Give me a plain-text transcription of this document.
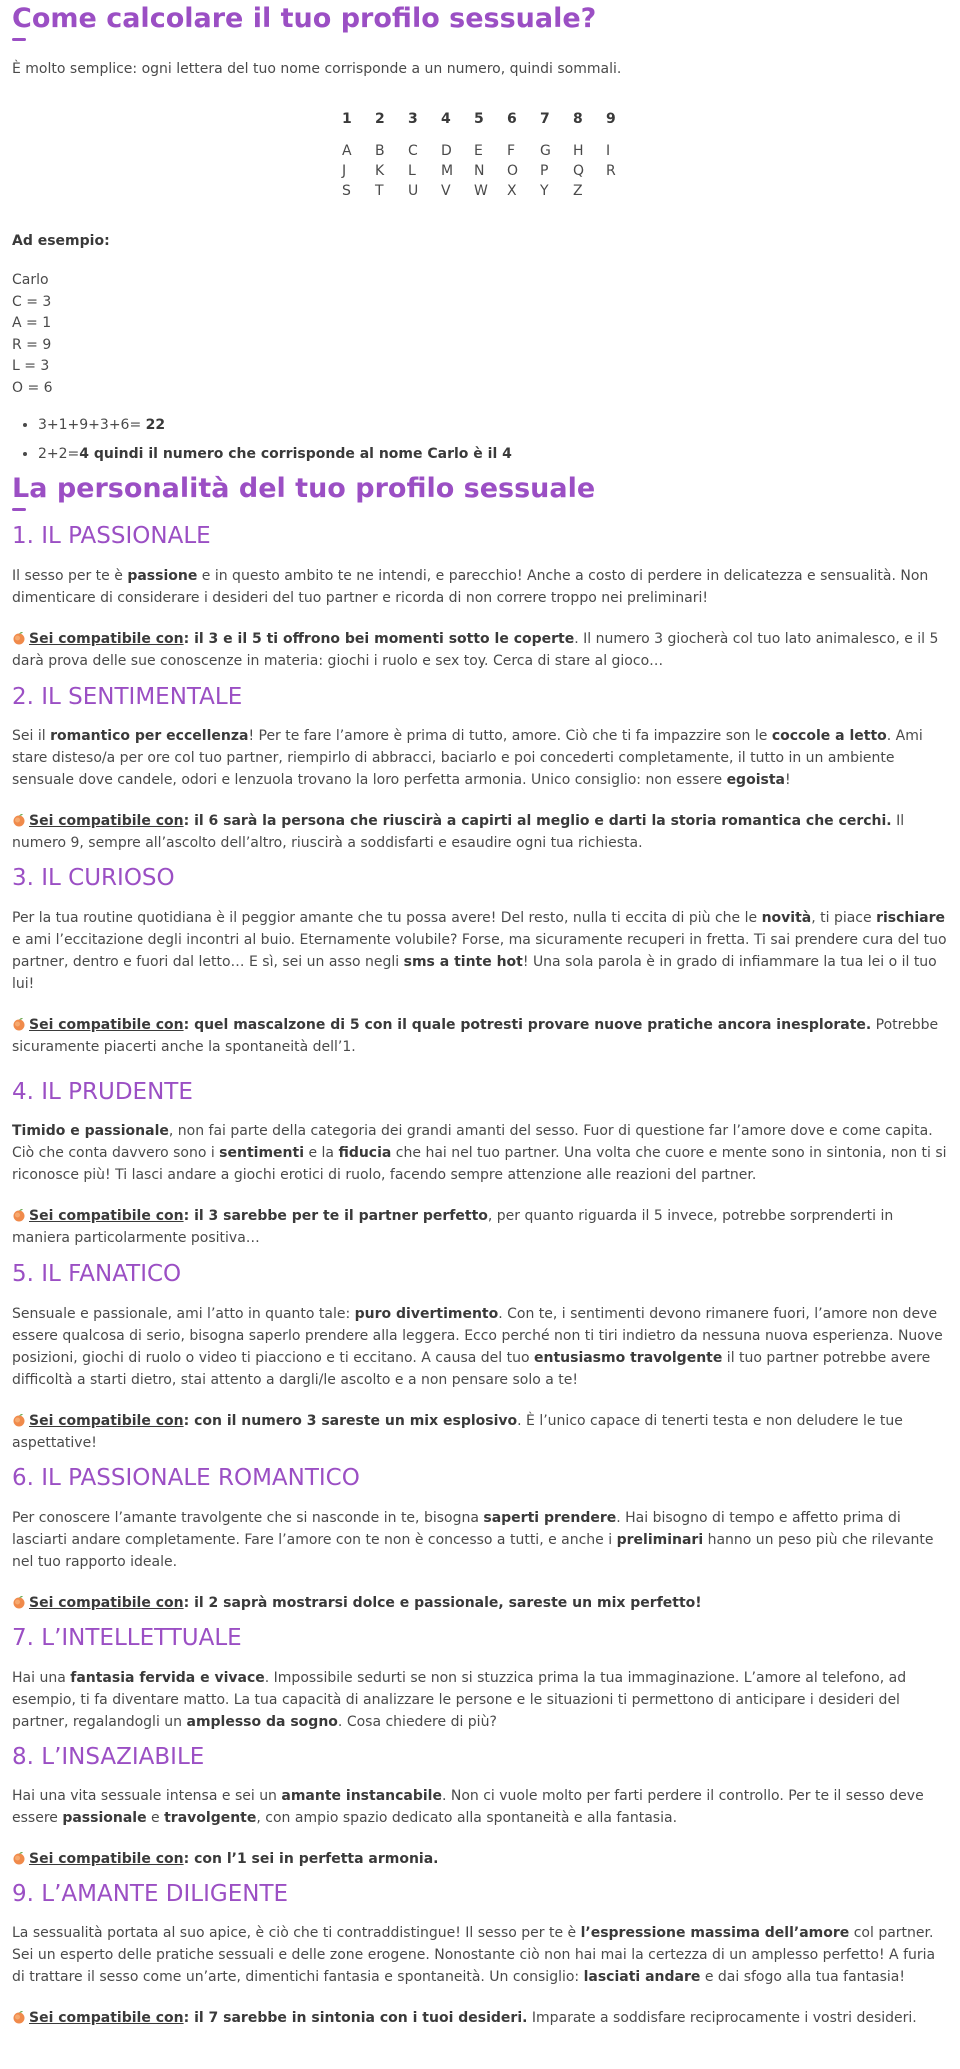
Come calcolare il tuo profilo sessuale?

È molto semplice: ogni lettera del tuo nome corrisponde a un numero, quindi sommali.

1	2	3	4	5	6	7	8	9

A	B	C	D	E	F	G	H	I
J	K	L	M	N	O	P	Q	R
S	T	U	V	W	X	Y	Z	

Ad esempio:

Carlo
C = 3
A = 1
R = 9
L = 3
O = 6
• 3+1+9+3+6= 22
• 2+2=4 quindi il numero che corrisponde al nome Carlo è il 4
La personalità del tuo profilo sessuale
1. IL PASSIONALE

Il sesso per te è passione e in questo ambito te ne intendi, e parecchio! Anche a costo di perdere in delicatezza e sensualità. Non dimenticare di considerare i desideri del tuo partner e ricorda di non correre troppo nei preliminari!

Sei compatibile con: il 3 e il 5 ti offrono bei momenti sotto le coperte. Il numero 3 giocherà col tuo lato animalesco, e il 5 darà prova delle sue conoscenze in materia: giochi i ruolo e sex toy. Cerca di stare al gioco…

2. IL SENTIMENTALE

Sei il romantico per eccellenza! Per te fare l’amore è prima di tutto, amore. Ciò che ti fa impazzire son le coccole a letto. Ami stare disteso/a per ore col tuo partner, riempirlo di abbracci, baciarlo e poi concederti completamente, il tutto in un ambiente sensuale dove candele, odori e lenzuola trovano la loro perfetta armonia. Unico consiglio: non essere egoista!

Sei compatibile con: il 6 sarà la persona che riuscirà a capirti al meglio e darti la storia romantica che cerchi. Il numero 9, sempre all’ascolto dell’altro, riuscirà a soddisfarti e esaudire ogni tua richiesta.

3. IL CURIOSO

Per la tua routine quotidiana è il peggior amante che tu possa avere! Del resto, nulla ti eccita di più che le novità, ti piace rischiare e ami l’eccitazione degli incontri al buio. Eternamente volubile? Forse, ma sicuramente recuperi in fretta. Ti sai prendere cura del tuo partner, dentro e fuori dal letto… E sì, sei un asso negli sms a tinte hot! Una sola parola è in grado di infiammare la tua lei o il tuo lui!

Sei compatibile con: quel mascalzone di 5 con il quale potresti provare nuove pratiche ancora inesplorate. Potrebbe sicuramente piacerti anche la spontaneità dell’1.

4. IL PRUDENTE

Timido e passionale, non fai parte della categoria dei grandi amanti del sesso. Fuor di questione far l’amore dove e come capita. Ciò che conta davvero sono i sentimenti e la fiducia che hai nel tuo partner. Una volta che cuore e mente sono in sintonia, non ti si riconosce più! Ti lasci andare a giochi erotici di ruolo, facendo sempre attenzione alle reazioni del partner.

Sei compatibile con: il 3 sarebbe per te il partner perfetto, per quanto riguarda il 5 invece, potrebbe sorprenderti in maniera particolarmente positiva…

5. IL FANATICO

Sensuale e passionale, ami l’atto in quanto tale: puro divertimento. Con te, i sentimenti devono rimanere fuori, l’amore non deve essere qualcosa di serio, bisogna saperlo prendere alla leggera. Ecco perché non ti tiri indietro da nessuna nuova esperienza. Nuove posizioni, giochi di ruolo o video ti piacciono e ti eccitano. A causa del tuo entusiasmo travolgente il tuo partner potrebbe avere difficoltà a starti dietro, stai attento a dargli/le ascolto e a non pensare solo a te!

Sei compatibile con: con il numero 3 sareste un mix esplosivo. È l’unico capace di tenerti testa e non deludere le tue aspettative!

6. IL PASSIONALE ROMANTICO

Per conoscere l’amante travolgente che si nasconde in te, bisogna saperti prendere. Hai bisogno di tempo e affetto prima di lasciarti andare completamente. Fare l’amore con te non è concesso a tutti, e anche i preliminari hanno un peso più che rilevante nel tuo rapporto ideale.

Sei compatibile con: il 2 saprà mostrarsi dolce e passionale, sareste un mix perfetto!

7. L’INTELLETTUALE

Hai una fantasia fervida e vivace. Impossibile sedurti se non si stuzzica prima la tua immaginazione. L’amore al telefono, ad esempio, ti fa diventare matto. La tua capacità di analizzare le persone e le situazioni ti permettono di anticipare i desideri del partner, regalandogli un amplesso da sogno. Cosa chiedere di più?

8. L’INSAZIABILE

Hai una vita sessuale intensa e sei un amante instancabile. Non ci vuole molto per farti perdere il controllo. Per te il sesso deve essere passionale e travolgente, con ampio spazio dedicato alla spontaneità e alla fantasia.

Sei compatibile con: con l’1 sei in perfetta armonia.

9. L’AMANTE DILIGENTE

La sessualità portata al suo apice, è ciò che ti contraddistingue! Il sesso per te è l’espressione massima dell’amore col partner. Sei un esperto delle pratiche sessuali e delle zone erogene. Nonostante ciò non hai mai la certezza di un amplesso perfetto! A furia di trattare il sesso come un’arte, dimentichi fantasia e spontaneità. Un consiglio: lasciati andare e dai sfogo alla tua fantasia!

Sei compatibile con: il 7 sarebbe in sintonia con i tuoi desideri. Imparate a soddisfare reciprocamente i vostri desideri.
